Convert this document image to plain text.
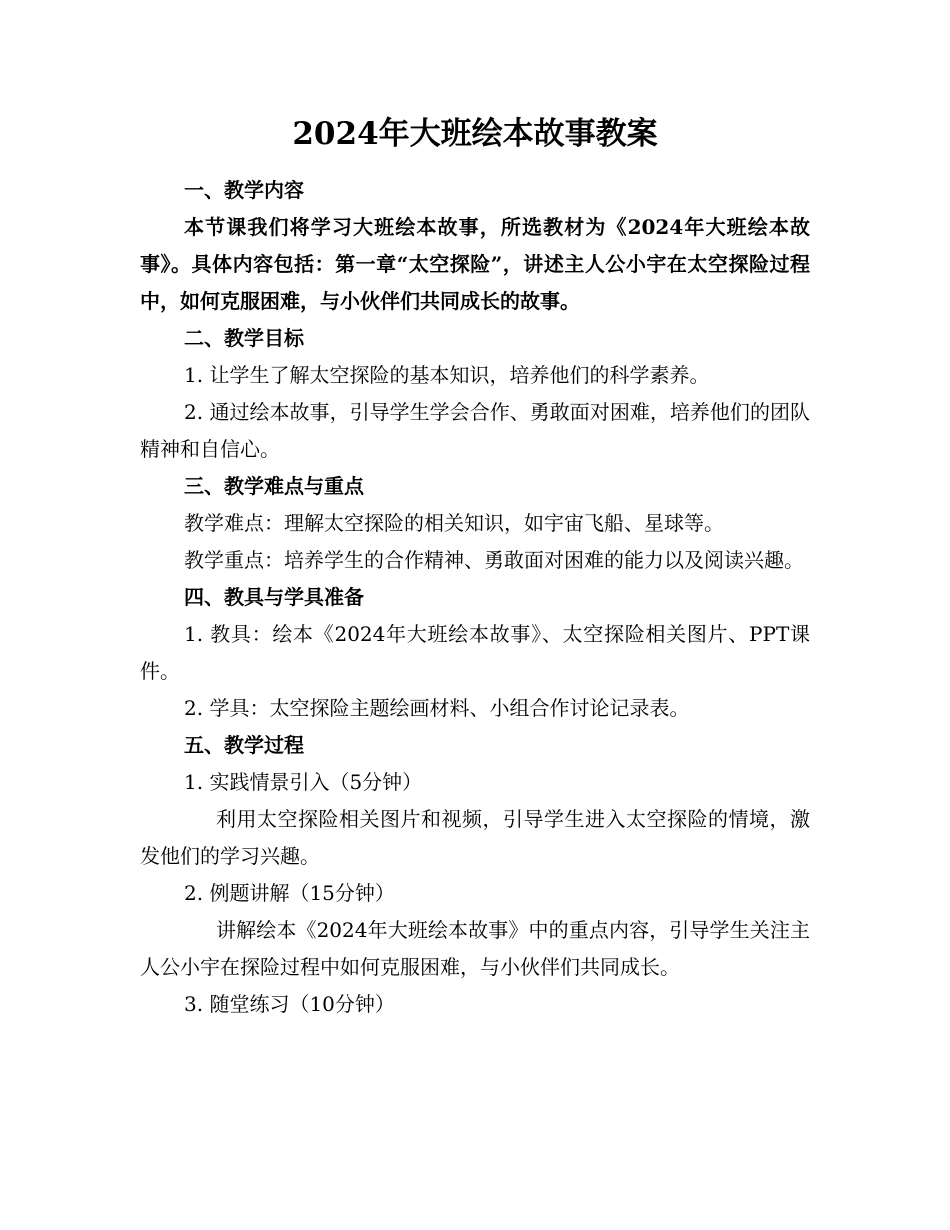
2024年大班绘本故事教案

一、教学内容

本节课我们将学习大班绘本故事，所选教材为《2024年大班绘本故事》。具体内容包括：第一章“太空探险”，讲述主人公小宇在太空探险过程中，如何克服困难，与小伙伴们共同成长的故事。

二、教学目标

1. 让学生了解太空探险的基本知识，培养他们的科学素养。

2. 通过绘本故事，引导学生学会合作、勇敢面对困难，培养他们的团队精神和自信心。

三、教学难点与重点

教学难点：理解太空探险的相关知识，如宇宙飞船、星球等。

教学重点：培养学生的合作精神、勇敢面对困难的能力以及阅读兴趣。

四、教具与学具准备

1. 教具：绘本《2024年大班绘本故事》、太空探险相关图片、PPT课件。

2. 学具：太空探险主题绘画材料、小组合作讨论记录表。

五、教学过程

1. 实践情景引入（5分钟）

利用太空探险相关图片和视频，引导学生进入太空探险的情境，激发他们的学习兴趣。

2. 例题讲解（15分钟）

讲解绘本《2024年大班绘本故事》中的重点内容，引导学生关注主人公小宇在探险过程中如何克服困难，与小伙伴们共同成长。

3. 随堂练习（10分钟）
